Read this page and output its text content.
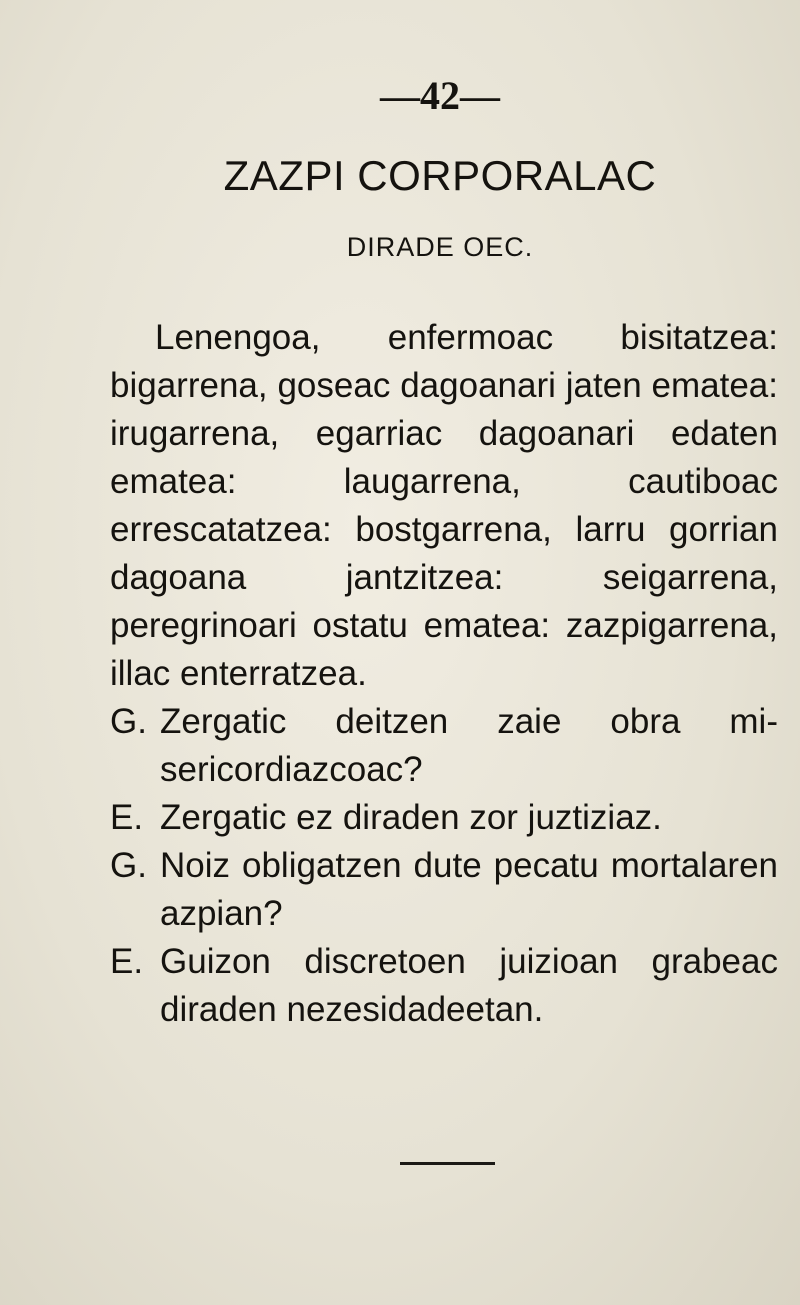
—42—
ZAZPI CORPORALAC
DIRADE OEC.

Lenengoa, enfermoac bisitatzea: bigarrena, goseac dagoanari jaten ematea: irugarrena, egarriac dagoanari edaten ematea: laugarrena, cautiboac errescatatzea: bostgarrena, larru gorrian dagoana jantzitzea: seigarrena, peregrinoari ostatu ematea: zazpigarrena, illac enterratzea.

G. Zergatic deitzen zaie obra misericordiazcoac?
E. Zergatic ez diraden zor juztiziaz.
G. Noiz obligatzen dute pecatu mortalaren azpian?
E. Guizon discretoen juizioan grabeac diraden nezesidadeetan.
